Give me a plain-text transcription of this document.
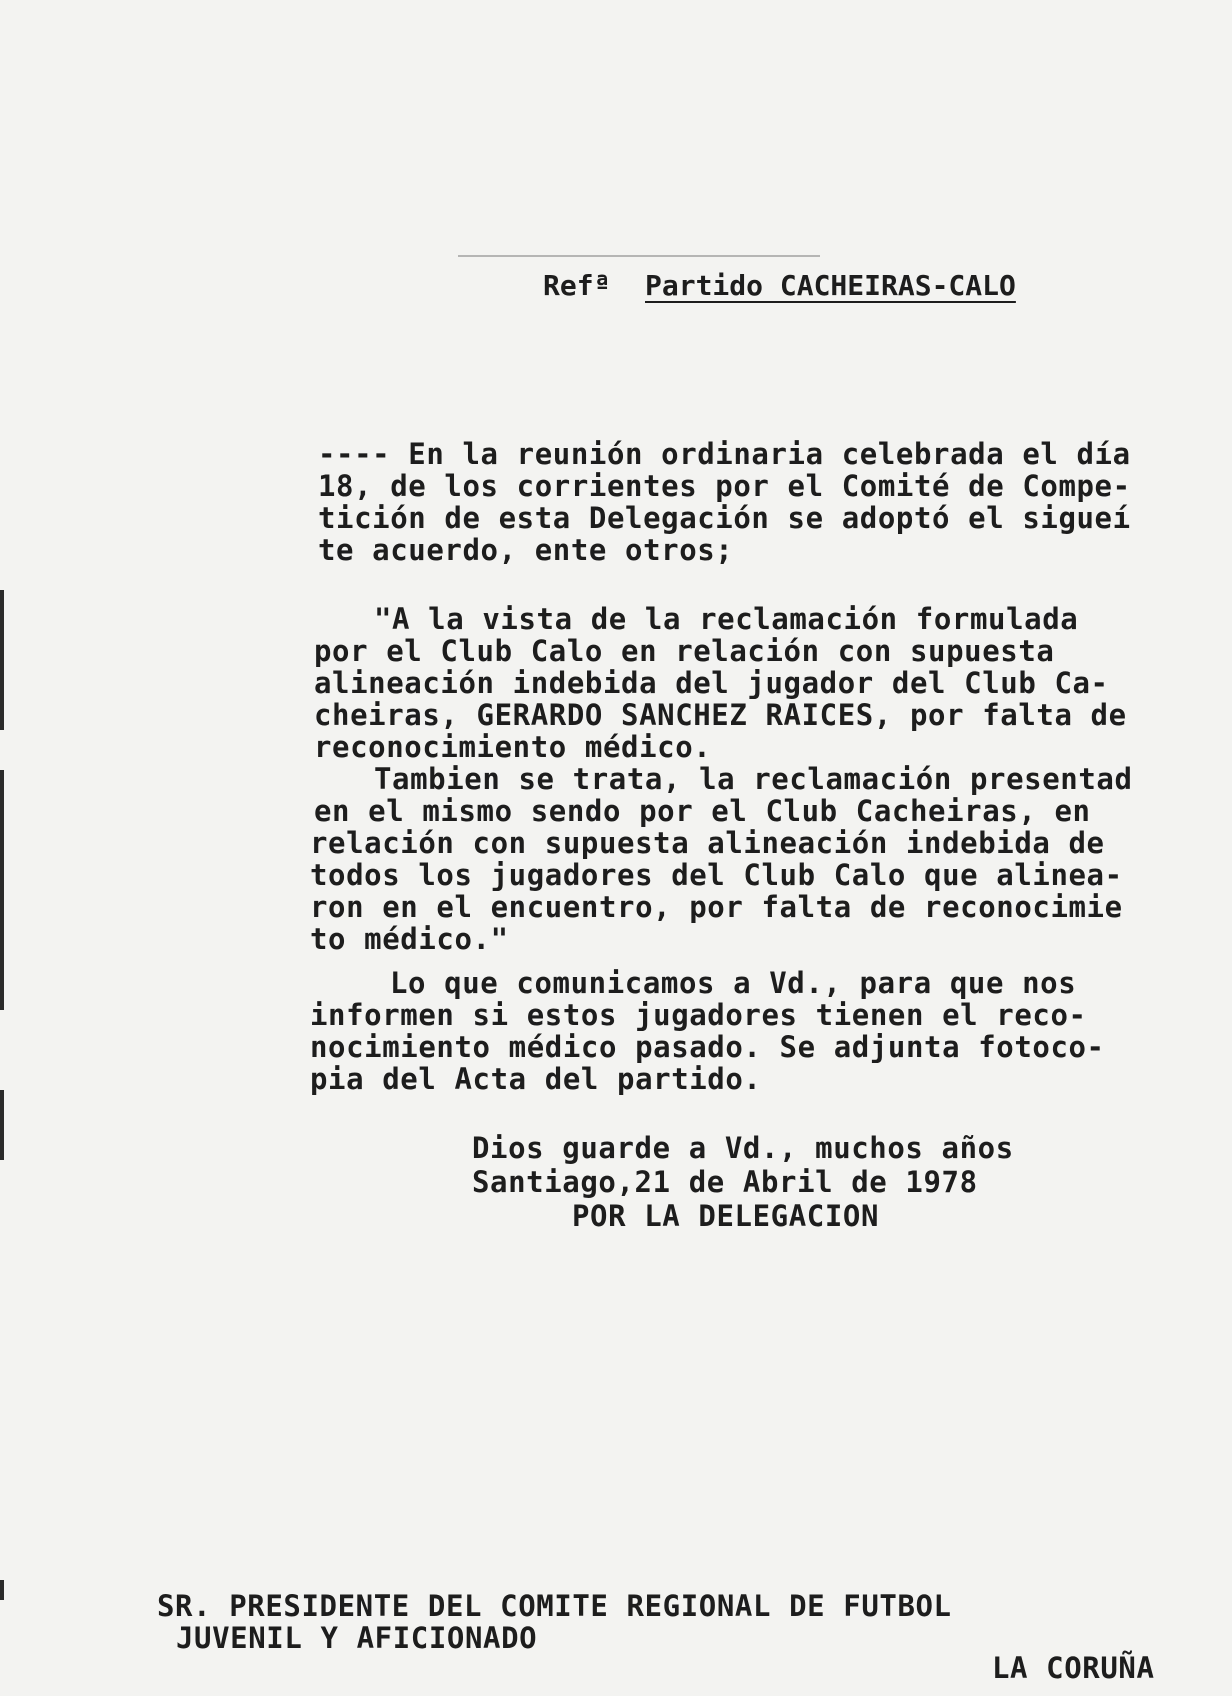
Refª Partido CACHEIRAS-CALO
---- En la reunión ordinaria celebrada el día
18, de los corrientes por el Comité de Compe-
tición de esta Delegación se adoptó el sigueí
te acuerdo, ente otros;
"A la vista de la reclamación formulada
por el Club Calo en relación con supuesta
alineación indebida del jugador del Club Ca-
cheiras, GERARDO SANCHEZ RAICES, por falta de
reconocimiento médico.
Tambien se trata, la reclamación presentad
en el mismo sendo por el Club Cacheiras, en
relación con supuesta alineación indebida de
todos los jugadores del Club Calo que alinea-
ron en el encuentro, por falta de reconocimie
to médico."
Lo que comunicamos a Vd., para que nos
informen si estos jugadores tienen el reco-
nocimiento médico pasado. Se adjunta fotoco-
pia del Acta del partido.
Dios guarde a Vd., muchos años
Santiago,21 de Abril de 1978
POR LA DELEGACION
SR. PRESIDENTE DEL COMITE REGIONAL DE FUTBOL
JUVENIL Y AFICIONADO
LA CORUÑA
